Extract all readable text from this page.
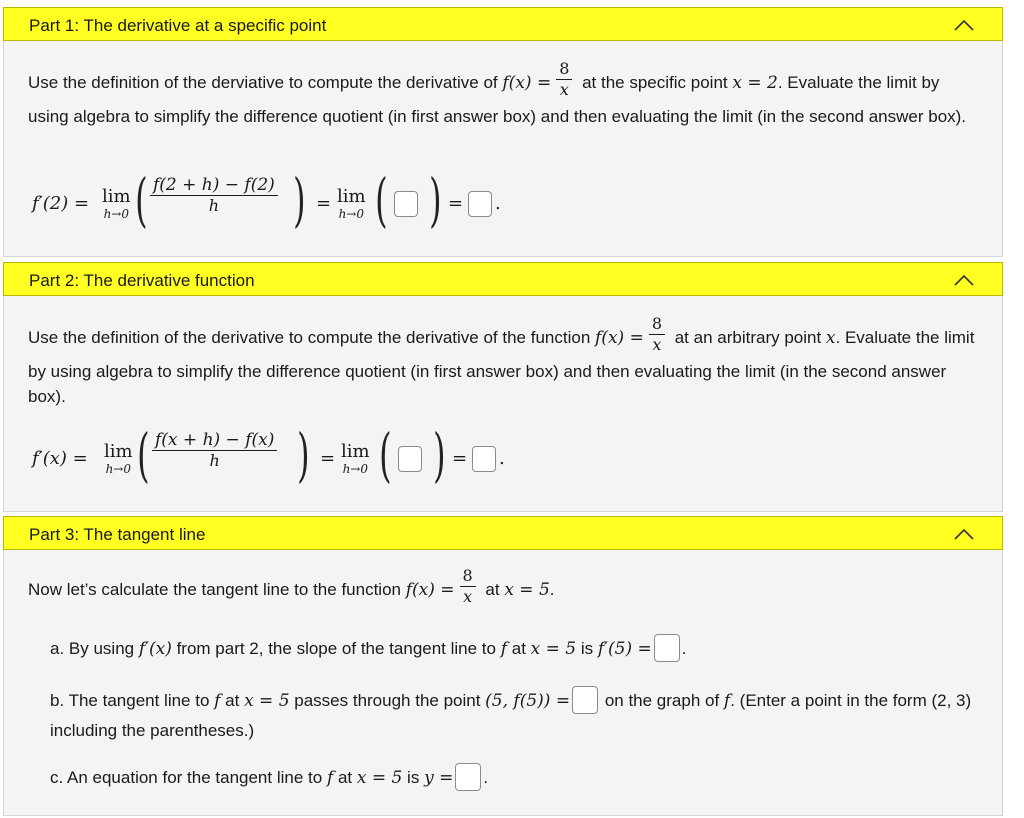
Part 1: The derivative at a specific point
Use the definition of the derviative to compute the derivative of $f(x) = \frac{8}{x}$ at the specific point x = 2. Evaluate the limit by using algebra to simplify the difference quotient (in first answer box) and then evaluating the limit (in the second answer box).
f′(2) = lim
h→0 ( $\frac{f(2 + h) - f(2)}{h}$ ) = lim
h→0 ( ) = .
Part 2: The derivative function
Use the definition of the derivative to compute the derivative of the function $f(x) = \frac{8}{x}$ at an arbitrary point x. Evaluate the limit by using algebra to simplify the difference quotient (in first answer box) and then evaluating the limit (in the second answer box).
f′(x) = lim
h→0 ( $\frac{f(x + h) - f(x)}{h}$ ) = lim
h→0 ( ) = .
Part 3: The tangent line
Now let’s calculate the tangent line to the function $f(x) = \frac{8}{x}$ at x = 5.
a. By using f′(x) from part 2, the slope of the tangent line to f at x = 5 is f′(5) = .
b. The tangent line to f at x = 5 passes through the point (5, f(5)) = on the graph of f. (Enter a point in the form (2, 3) including the parentheses.)
c. An equation for the tangent line to f at x = 5 is y = .
